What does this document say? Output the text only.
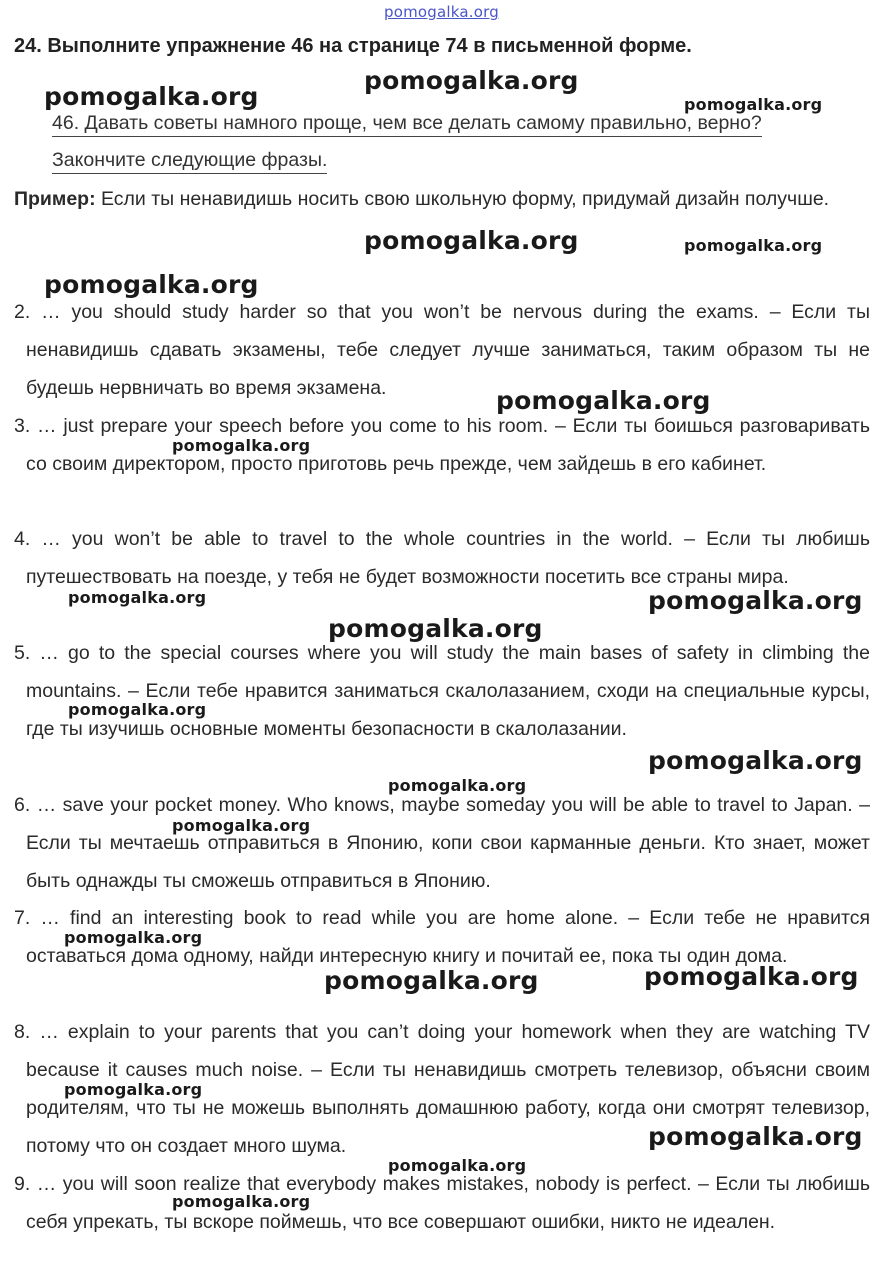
pomogalka.org
24. Выполните упражнение 46 на странице 74 в письменной форме.
46. Давать советы намного проще, чем все делать самому правильно, верно?
Закончите следующие фразы.
Пример: Если ты ненавидишь носить свою школьную форму, придумай дизайн получше.
2. … you should study harder so that you won’t be nervous during the exams. – Если ты ненавидишь сдавать экзамены, тебе следует лучше заниматься, таким образом ты не будешь нервничать во время экзамена.
3. … just prepare your speech before you come to his room. – Если ты боишься разговаривать со своим директором, просто приготовь речь прежде, чем зайдешь в его кабинет.
4. … you won’t be able to travel to the whole countries in the world. – Если ты любишь путешествовать на поезде, у тебя не будет возможности посетить все страны мира.
5. … go to the special courses where you will study the main bases of safety in climbing the mountains. – Если тебе нравится заниматься скалолазанием, сходи на специальные курсы, где ты изучишь основные моменты безопасности в скалолазании.
6. … save your pocket money. Who knows, maybe someday you will be able to travel to Japan. – Если ты мечтаешь отправиться в Японию, копи свои карманные деньги. Кто знает, может быть однажды ты сможешь отправиться в Японию.
7. … find an interesting book to read while you are home alone. – Если тебе не нравится оставаться дома одному, найди интересную книгу и почитай ее, пока ты один дома.
8. … explain to your parents that you can’t doing your homework when they are watching TV because it causes much noise. – Если ты ненавидишь смотреть телевизор, объясни своим родителям, что ты не можешь выполнять домашнюю работу, когда они смотрят телевизор, потому что он создает много шума.
9. … you will soon realize that everybody makes mistakes, nobody is perfect. – Если ты любишь себя упрекать, ты вскоре поймешь, что все совершают ошибки, никто не идеален.
pomogalka.org
pomogalka.org	pomogalka.org
pomogalka.org	pomogalka.org
pomogalka.org
pomogalka.org
pomogalka.org
pomogalka.org	pomogalka.org
pomogalka.org
pomogalka.org
pomogalka.org
pomogalka.org
pomogalka.org
pomogalka.org
pomogalka.org
pomogalka.org
pomogalka.org
pomogalka.org
pomogalka.org
pomogalka.org
